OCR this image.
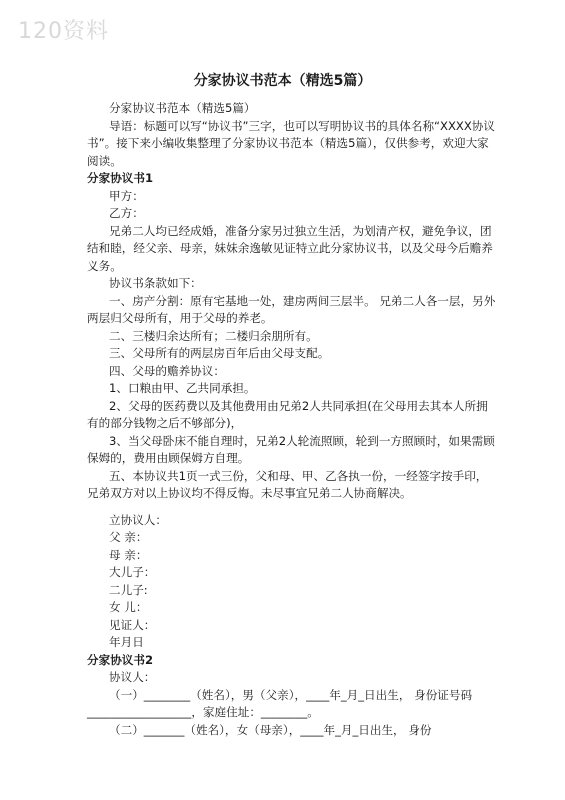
120资料
分家协议书范本（精选5篇）

分家协议书范本（精选5篇）

导语：标题可以写“协议书”三字，也可以写明协议书的具体名称“XXXX协议书”。接下来小编收集整理了分家协议书范本（精选5篇），仅供参考，欢迎大家阅读。

分家协议书1

甲方：

乙方：

兄弟二人均已经成婚，准备分家另过独立生活，为划清产权，避免争议，团结和睦，经父亲、母亲，妹妹余逸敏见证特立此分家协议书，以及父母今后赡养义务。

协议书条款如下：

一、房产分割：原有宅基地一处，建房两间三层半。 兄弟二人各一层，另外两层归父母所有，用于父母的养老。

二、三楼归余达所有；二楼归余朋所有。

三、父母所有的两层房百年后由父母支配。

四、父母的赡养协议：

1、口粮由甲、乙共同承担。

2、父母的医药费以及其他费用由兄弟2人共同承担(在父母用去其本人所拥有的部分钱物之后不够部分)，

3、当父母卧床不能自理时，兄弟2人轮流照顾，轮到一方照顾时，如果需顾保姆的，费用由顾保姆方自理。

五、本协议共1页一式三份，父和母、甲、乙各执一份，一经签字按手印，兄弟双方对以上协议均不得反悔。未尽事宜兄弟二人协商解决。

立协议人：

父 亲：

母 亲：

大儿子：

二儿子:

女 儿：

见证人：

年月日

分家协议书2

协议人：

（一）________（姓名），男（父亲），____年_月_日出生， 身份证号码__________________，家庭住址：________。

（二）_______（姓名），女（母亲），____年_月_日出生， 身份
